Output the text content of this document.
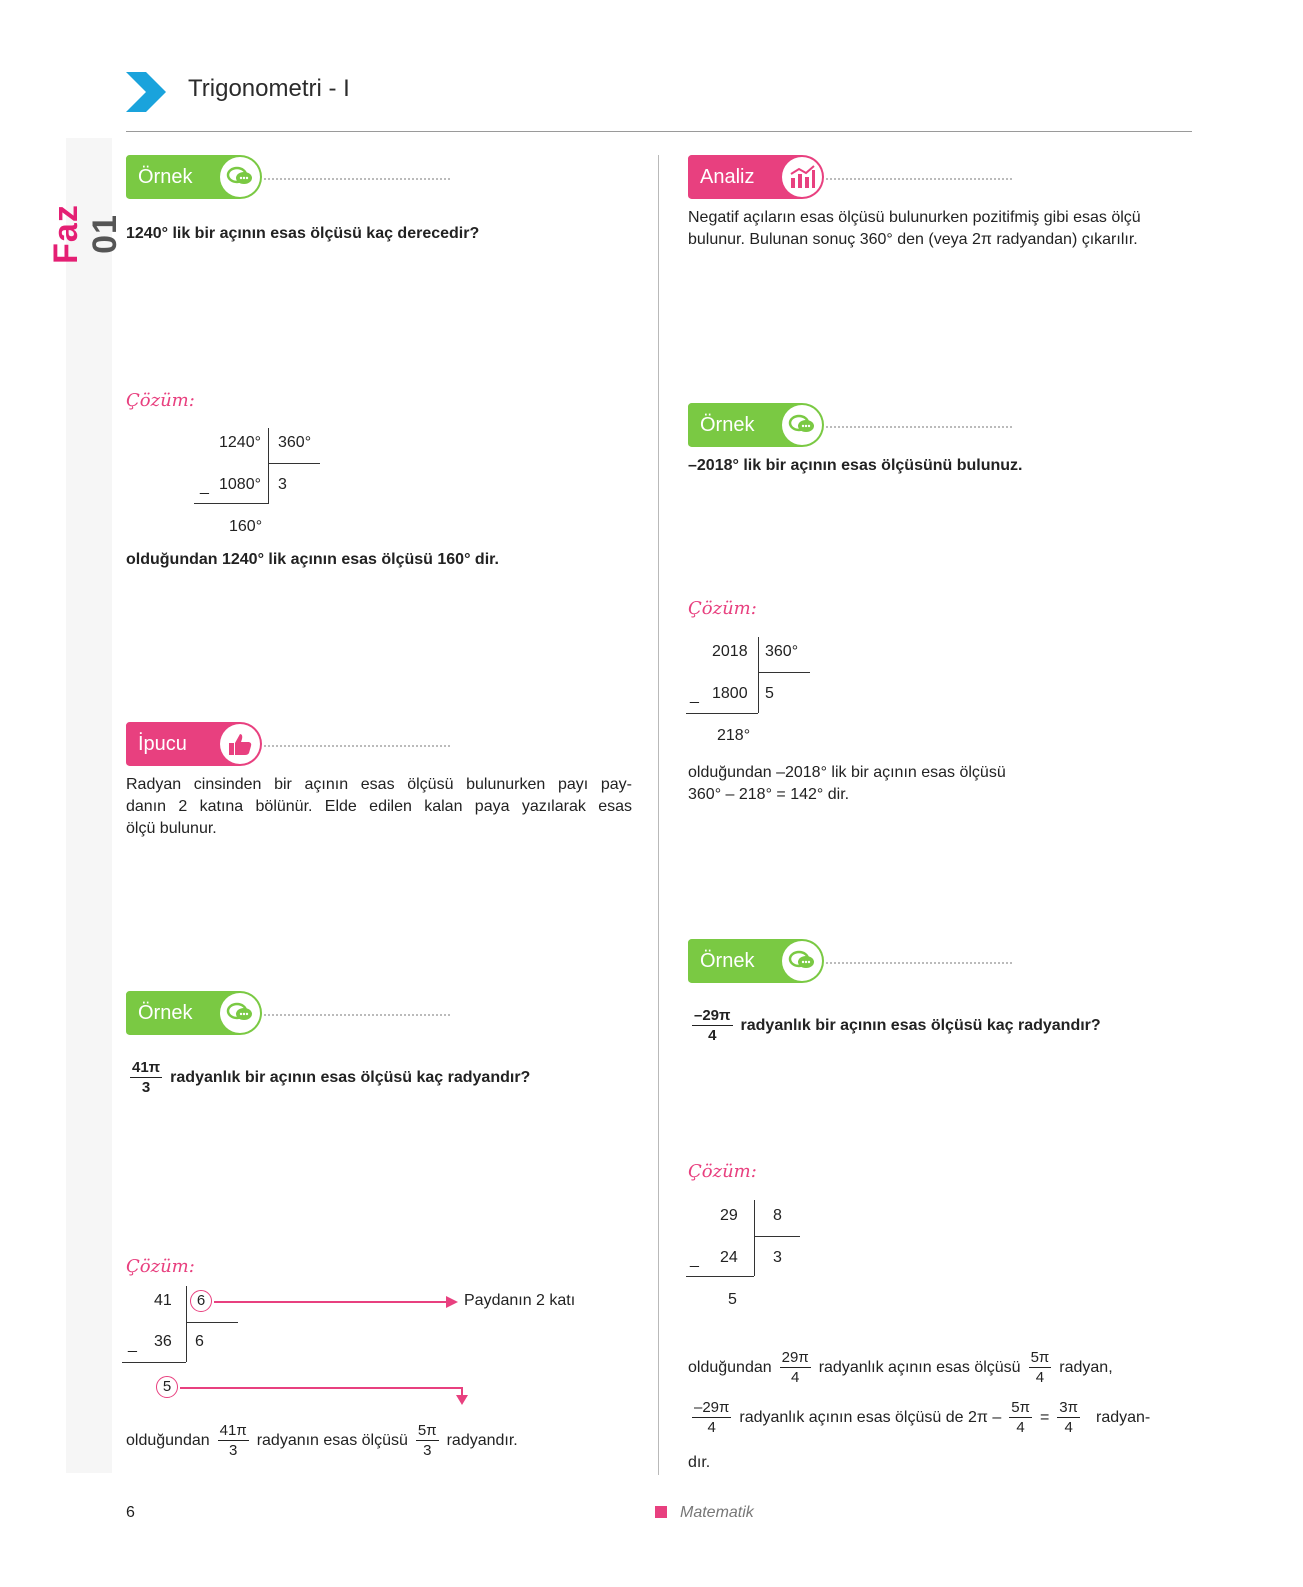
Trigonometri - I
Faz 01
Örnek
1240° lik bir açının esas ölçüsü kaç derecedir?
Çözüm:
1240° 360°
_ 1080° 3
160°
olduğundan 1240° lik açının esas ölçüsü 160° dir.
İpucu
Radyan cinsinden bir açının esas ölçüsü bulunurken payı pay-
danın 2 katına bölünür. Elde edilen kalan paya yazılarak esas
ölçü bulunur.
Örnek
$\frac{41\pi}{3}$ radyanlık bir açının esas ölçüsü kaç radyandır?
Çözüm:
41	6	Paydanın 2 katı
_ 36 6
5
olduğundan $\frac{41\pi}{3}$ radyanın esas ölçüsü $\frac{5\pi}{3}$ radyandır.
Analiz
Negatif açıların esas ölçüsü bulunurken pozitifmiş gibi esas ölçü
bulunur. Bulunan sonuç 360° den (veya 2π radyandan) çıkarılır.
Örnek
–2018° lik bir açının esas ölçüsünü bulunuz.
Çözüm:
2018 360°
_ 1800 5
218°
olduğundan –2018° lik bir açının esas ölçüsü
360° – 218° = 142° dir.
Örnek
$\frac{-29\pi}{4}$ radyanlık bir açının esas ölçüsü kaç radyandır?
Çözüm:
29 8
_ 24 3
5
olduğundan $\frac{29\pi}{4}$ radyanlık açının esas ölçüsü $\frac{5\pi}{4}$ radyan,
$\frac{-29\pi}{4}$ radyanlık açının esas ölçüsü de $2\pi - \frac{5\pi}{4} = \frac{3\pi}{4}$ radyan-
dır.
6	Matematik
